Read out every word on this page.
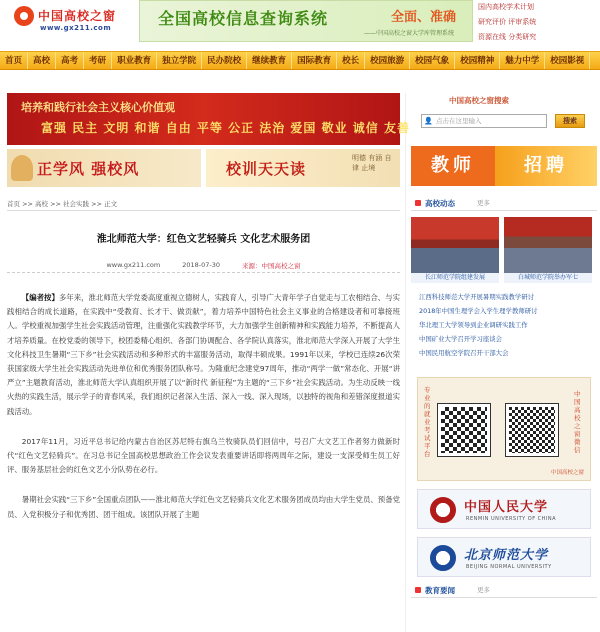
中国高校之窗
www.gx211.com	全国高校信息查询系统	全面、准确
——中国高校之窗大学库管理系统
国内高校学术计划
研究评价 评审系统
资源在线 分类研究
首页	高校	高考	考研	职业教育	独立学院	民办院校	继续教育	国际教育	校长	校园旅游	校园气象	校园精神	魅力中学	校园影视
培养和践行社会主义核心价值观
富强 民主 文明 和谐 自由 平等 公正 法治 爱国 敬业 诚信 友善
正学风 强校风	校训天天读
明德 有涵 自律 止境
首页 >> 高校 >> 社会实践 >> 正文
淮北师范大学：红色文艺轻骑兵 文化艺术服务团
www.gx211.com	2018-07-30	来源：中国高校之窗

【编者按】多年来，淮北师范大学党委高度重视立德树人，实践育人，引导广大青年学子自觉走与工农相结合、与实践相结合的成长道路，在实践中“受教育、长才干、做贡献”，着力培养中国特色社会主义事业的合格建设者和可靠接班人。学校重视加强学生社会实践活动管理，注重强化实践教学环节，大力加强学生创新精神和实践能力培养，不断提高人才培养质量。在校党委的领导下，校团委精心组织、各部门协调配合、各学院认真落实，淮北师范大学深入开展了大学生文化科技卫生暑期“三下乡”社会实践活动和多种形式的丰富服务活动，取得丰硕成果。1991年以来，学校已连续26次荣获国家级大学生社会实践活动先进单位和优秀服务团队称号。为隆重纪念建党97周年，推动“两学一做”常态化、开展“讲严立”主题教育活动，淮北师范大学认真组织开展了以“新时代 新征程”为主题的“三下乡”社会实践活动。为生动反映一线火热的实践生活，展示学子的青春风采，我们组织记者深入生活、深入一线、深入现场，以独特的视角和差错深度报道实践活动。

2017年11月，习近平总书记给内蒙古自治区苏尼特右旗乌兰牧骑队员们回信中，号召广大文艺工作者努力做新时代“红色文艺轻骑兵”。在习总书记全国高校思想政治工作会议发表重要讲话即将两周年之际，建设一支深受师生员工好评、服务基层社会的红色文艺小分队势在必行。

暑期社会实践“三下乡”全国重点团队——淮北师范大学红色文艺轻骑兵文化艺术服务团成员均由大学生党员、预备党员、入党积极分子和优秀团、团干组成。该团队开展了主题

中国高校之窗搜索
👤 点击在这里输入	搜索
教师	招聘
高校动态	更多
长江师范学院组建发展	白城师范学院举办军七
江西科技师范大学开展暑期实践教学研讨
2018年中国生理学会入学生理学教师研讨
华北理工大学领导到企业调研实践工作
中国矿业大学召开学习座谈会
中国民用航空学院召开干部大会
专业的就业考试平台
中国高校之窗微信
中国高校之窗
中国人民大学
RENMIN UNIVERSITY OF CHINA
北京师范大学
BEIJING NORMAL UNIVERSITY
教育要闻	更多
